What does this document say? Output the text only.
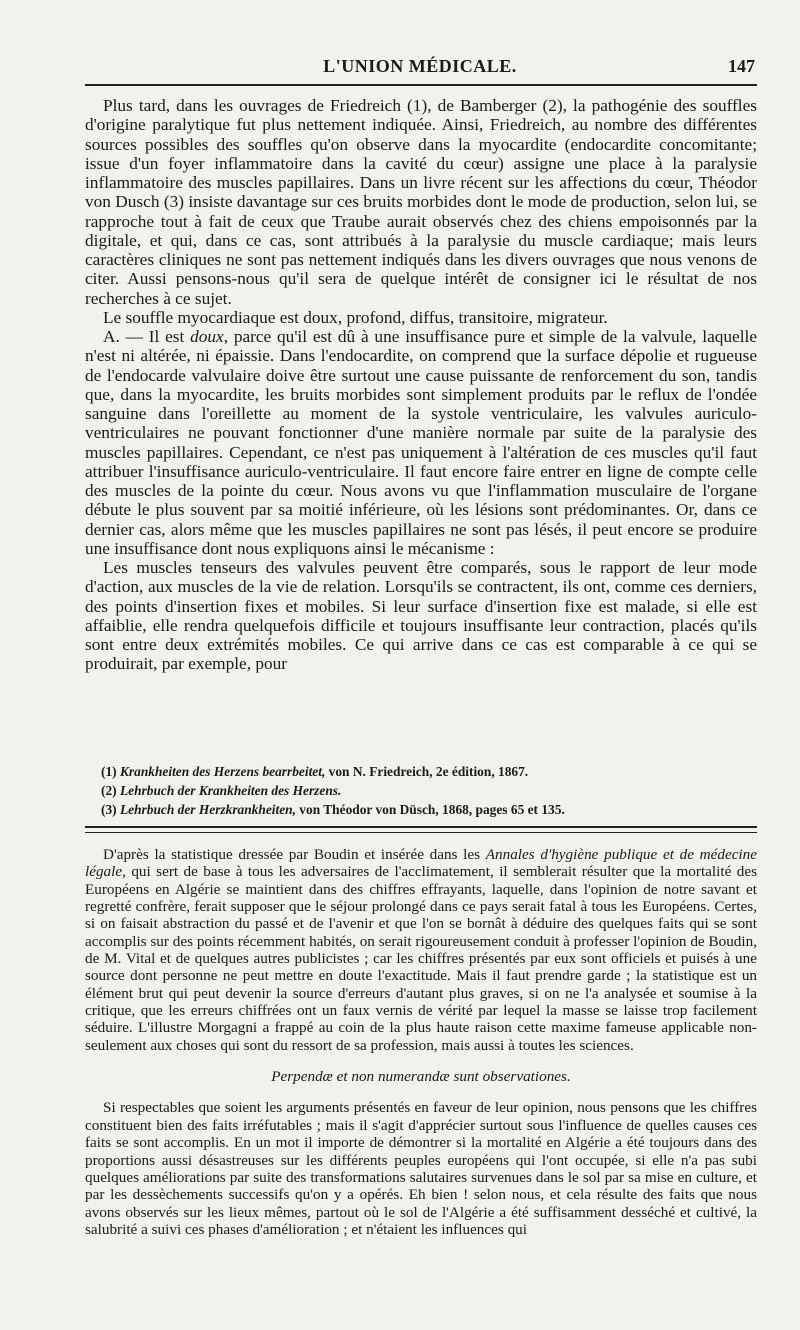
L'UNION MÉDICALE.	147

Plus tard, dans les ouvrages de Friedreich (1), de Bamberger (2), la pathogénie des souffles d'origine paralytique fut plus nettement indiquée. Ainsi, Friedreich, au nombre des différentes sources possibles des souffles qu'on observe dans la myocardite (endocardite concomitante; issue d'un foyer inflammatoire dans la cavité du cœur) assigne une place à la paralysie inflammatoire des muscles papillaires. Dans un livre récent sur les affections du cœur, Théodor von Dusch (3) insiste davantage sur ces bruits morbides dont le mode de production, selon lui, se rapproche tout à fait de ceux que Traube aurait observés chez des chiens empoisonnés par la digitale, et qui, dans ce cas, sont attribués à la paralysie du muscle cardiaque; mais leurs caractères cliniques ne sont pas nettement indiqués dans les divers ouvrages que nous venons de citer. Aussi pensons-nous qu'il sera de quelque intérêt de consigner ici le résultat de nos recherches à ce sujet.

Le souffle myocardiaque est doux, profond, diffus, transitoire, migrateur.

A. — Il est doux, parce qu'il est dû à une insuffisance pure et simple de la valvule, laquelle n'est ni altérée, ni épaissie. Dans l'endocardite, on comprend que la surface dépolie et rugueuse de l'endocarde valvulaire doive être surtout une cause puissante de renforcement du son, tandis que, dans la myocardite, les bruits morbides sont simplement produits par le reflux de l'ondée sanguine dans l'oreillette au moment de la systole ventriculaire, les valvules auriculo-ventriculaires ne pouvant fonctionner d'une manière normale par suite de la paralysie des muscles papillaires. Cependant, ce n'est pas uniquement à l'altération de ces muscles qu'il faut attribuer l'insuffisance auriculo-ventriculaire. Il faut encore faire entrer en ligne de compte celle des muscles de la pointe du cœur. Nous avons vu que l'inflammation musculaire de l'organe débute le plus souvent par sa moitié inférieure, où les lésions sont prédominantes. Or, dans ce dernier cas, alors même que les muscles papillaires ne sont pas lésés, il peut encore se produire une insuffisance dont nous expliquons ainsi le mécanisme :

Les muscles tenseurs des valvules peuvent être comparés, sous le rapport de leur mode d'action, aux muscles de la vie de relation. Lorsqu'ils se contractent, ils ont, comme ces derniers, des points d'insertion fixes et mobiles. Si leur surface d'insertion fixe est malade, si elle est affaiblie, elle rendra quelquefois difficile et toujours insuffisante leur contraction, placés qu'ils sont entre deux extrémités mobiles. Ce qui arrive dans ce cas est comparable à ce qui se produirait, par exemple, pour

(1) Krankheiten des Herzens bearrbeitet, von N. Friedreich, 2e édition, 1867.
(2) Lehrbuch der Krankheiten des Herzens.
(3) Lehrbuch der Herzkrankheiten, von Théodor von Düsch, 1868, pages 65 et 135.

D'après la statistique dressée par Boudin et insérée dans les Annales d'hygiène publique et de médecine légale, qui sert de base à tous les adversaires de l'acclimatement, il semblerait résulter que la mortalité des Européens en Algérie se maintient dans des chiffres effrayants, laquelle, dans l'opinion de notre savant et regretté confrère, ferait supposer que le séjour prolongé dans ce pays serait fatal à tous les Européens. Certes, si on faisait abstraction du passé et de l'avenir et que l'on se bornât à déduire des quelques faits qui se sont accomplis sur des points récemment habités, on serait rigoureusement conduit à professer l'opinion de Boudin, de M. Vital et de quelques autres publicistes ; car les chiffres présentés par eux sont officiels et puisés à une source dont personne ne peut mettre en doute l'exactitude. Mais il faut prendre garde ; la statistique est un élément brut qui peut devenir la source d'erreurs d'autant plus graves, si on ne l'a analysée et soumise à la critique, que les erreurs chiffrées ont un faux vernis de vérité par lequel la masse se laisse trop facilement séduire. L'illustre Morgagni a frappé au coin de la plus haute raison cette maxime fameuse applicable non-seulement aux choses qui sont du ressort de sa profession, mais aussi à toutes les sciences.

Perpendæ et non numerandæ sunt observationes.

Si respectables que soient les arguments présentés en faveur de leur opinion, nous pensons que les chiffres constituent bien des faits irréfutables ; mais il s'agit d'apprécier surtout sous l'influence de quelles causes ces faits se sont accomplis. En un mot il importe de démontrer si la mortalité en Algérie a été toujours dans des proportions aussi désastreuses sur les différents peuples européens qui l'ont occupée, si elle n'a pas subi quelques améliorations par suite des transformations salutaires survenues dans le sol par sa mise en culture, et par les dessèchements successifs qu'on y a opérés. Eh bien ! selon nous, et cela résulte des faits que nous avons observés sur les lieux mêmes, partout où le sol de l'Algérie a été suffisamment desséché et cultivé, la salubrité a suivi ces phases d'amélioration ; et n'étaient les influences qui
